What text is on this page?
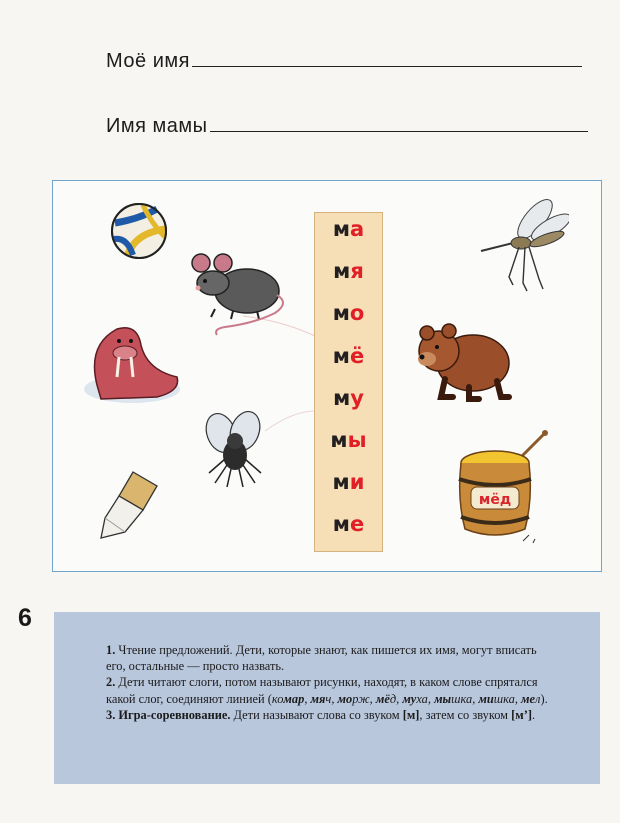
Моё имя
Имя мамы
мёд
ма
мя
мо
мё
му
мы
ми
ме
6

1. Чтение предложений. Дети, которые знают, как пишется их имя, могут вписать его, остальные — просто назвать.

2. Дети читают слоги, потом называют рисунки, находят, в каком слове спрятался какой слог, соединяют линией (комар, мяч, морж, мёд, муха, мышка, мишка, мел).

3. Игра-соревнование. Дети называют слова со звуком [м], затем со звуком [м’].
